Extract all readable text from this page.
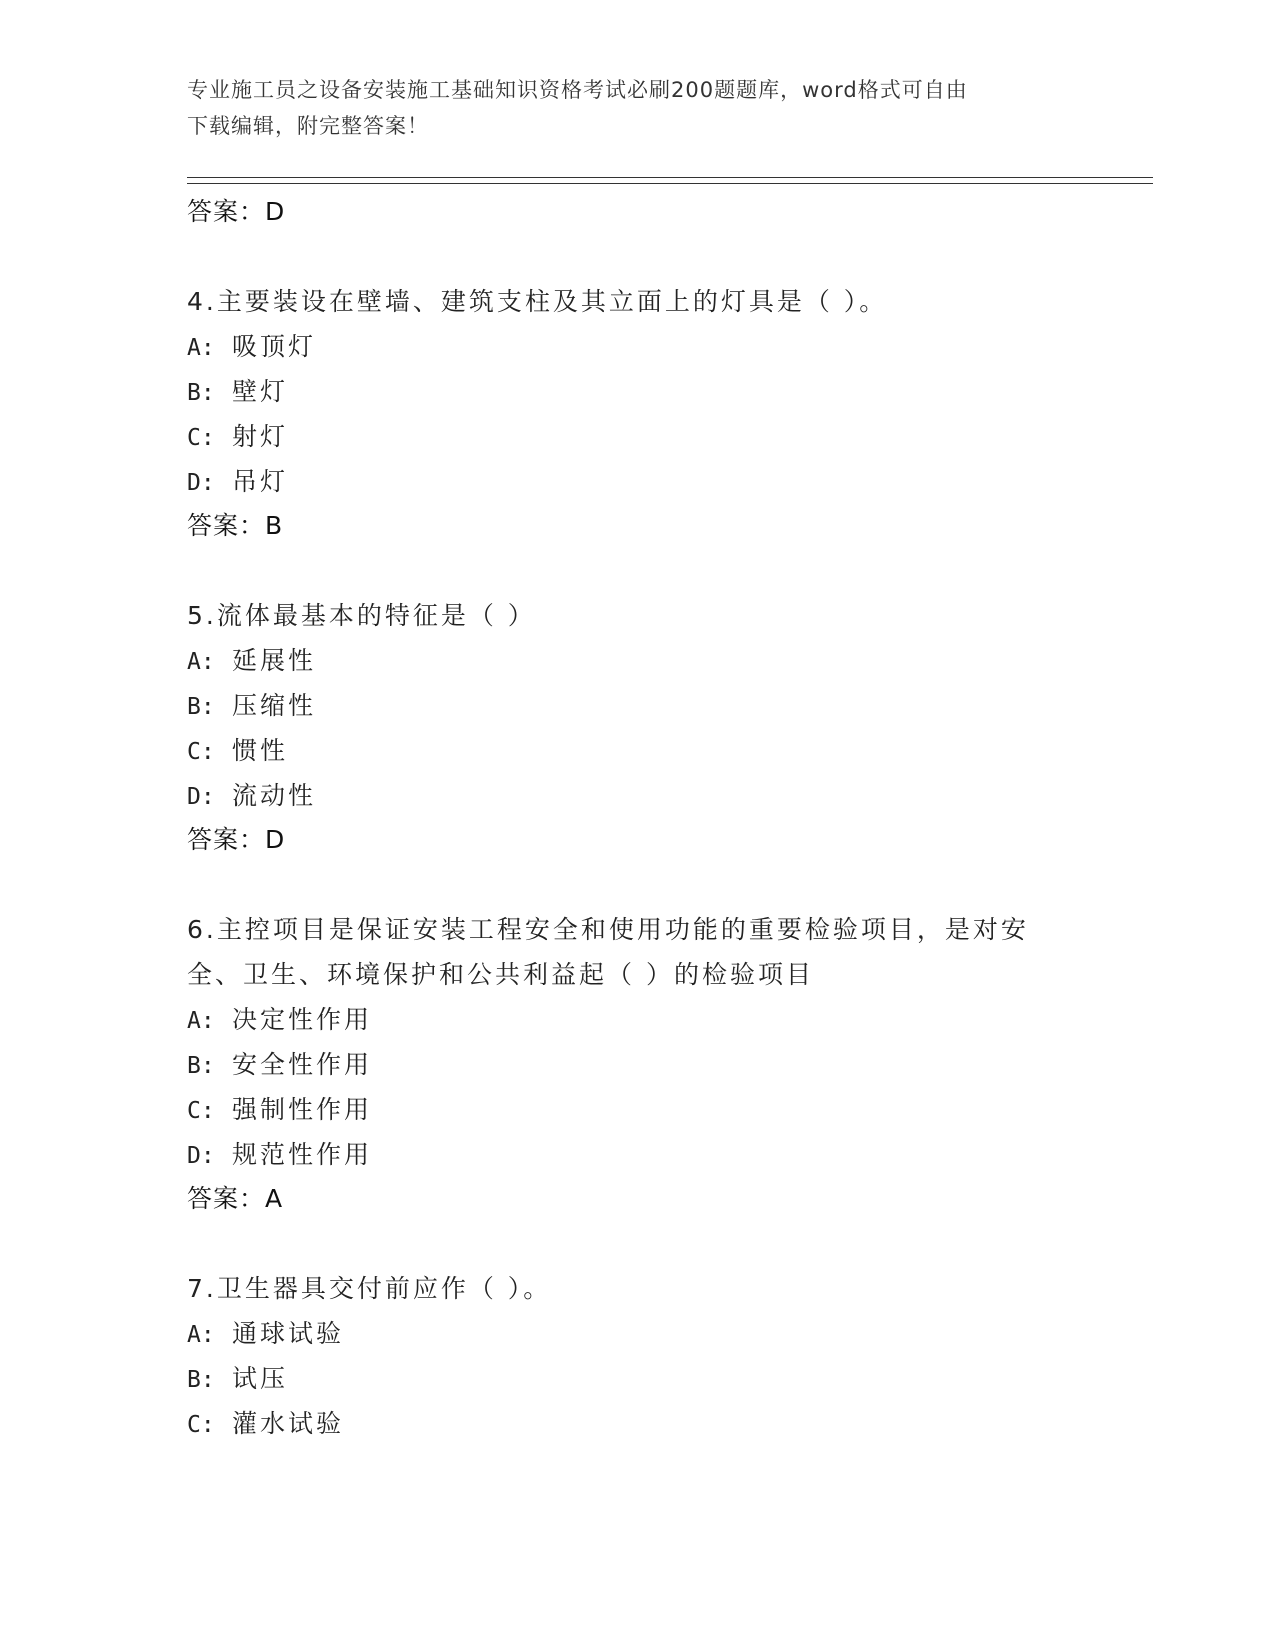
专业施工员之设备安装施工基础知识资格考试必刷200题题库，word格式可自由
下载编辑，附完整答案！
答案：D
4.主要装设在壁墙、建筑支柱及其立面上的灯具是（ ）。
A: 吸顶灯
B: 壁灯
C: 射灯
D: 吊灯
答案：B
5.流体最基本的特征是（ ）
A: 延展性
B: 压缩性
C: 惯性
D: 流动性
答案：D
6.主控项目是保证安装工程安全和使用功能的重要检验项目，是对安
全、卫生、环境保护和公共利益起（ ）的检验项目
A: 决定性作用
B: 安全性作用
C: 强制性作用
D: 规范性作用
答案：A
7.卫生器具交付前应作（ ）。
A: 通球试验
B: 试压
C: 灌水试验
